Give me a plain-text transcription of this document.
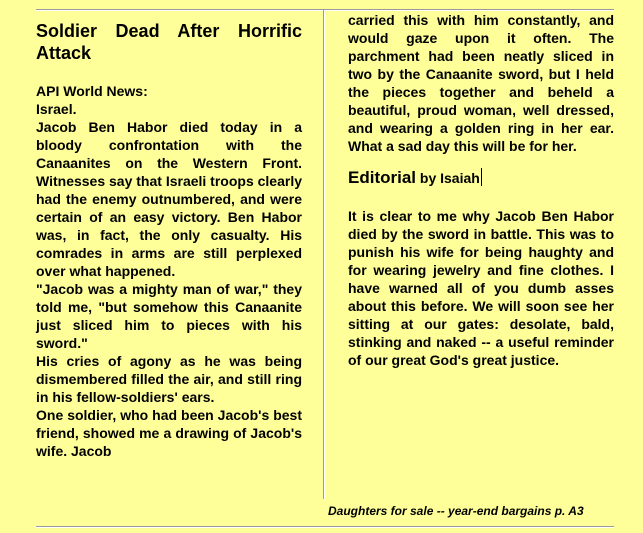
Soldier Dead After Horrific Attack

API World News:

Israel.

Jacob Ben Habor died today in a bloody confrontation with the Canaanites on the Western Front. Witnesses say that Israeli troops clearly had the enemy outnumbered, and were certain of an easy victory. Ben Habor was, in fact, the only casualty. His comrades in arms are still perplexed over what happened.

"Jacob was a mighty man of war," they told me, "but somehow this Canaanite just sliced him to pieces with his sword."

His cries of agony as he was being dismembered filled the air, and still ring in his fellow-soldiers' ears.

One soldier, who had been Jacob's best friend, showed me a drawing of Jacob's wife. Jacob

carried this with him constantly, and would gaze upon it often. The parchment had been neatly sliced in two by the Canaanite sword, but I held the pieces together and beheld a beautiful, proud woman, well dressed, and wearing a golden ring in her ear. What a sad day this will be for her.

Editorial by Isaiah

It is clear to me why Jacob Ben Habor died by the sword in battle. This was to punish his wife for being haughty and for wearing jewelry and fine clothes. I have warned all of you dumb asses about this before. We will soon see her sitting at our gates: desolate, bald, stinking and naked -- a useful reminder of our great God's great justice.

Daughters for sale -- year-end bargains p. A3
